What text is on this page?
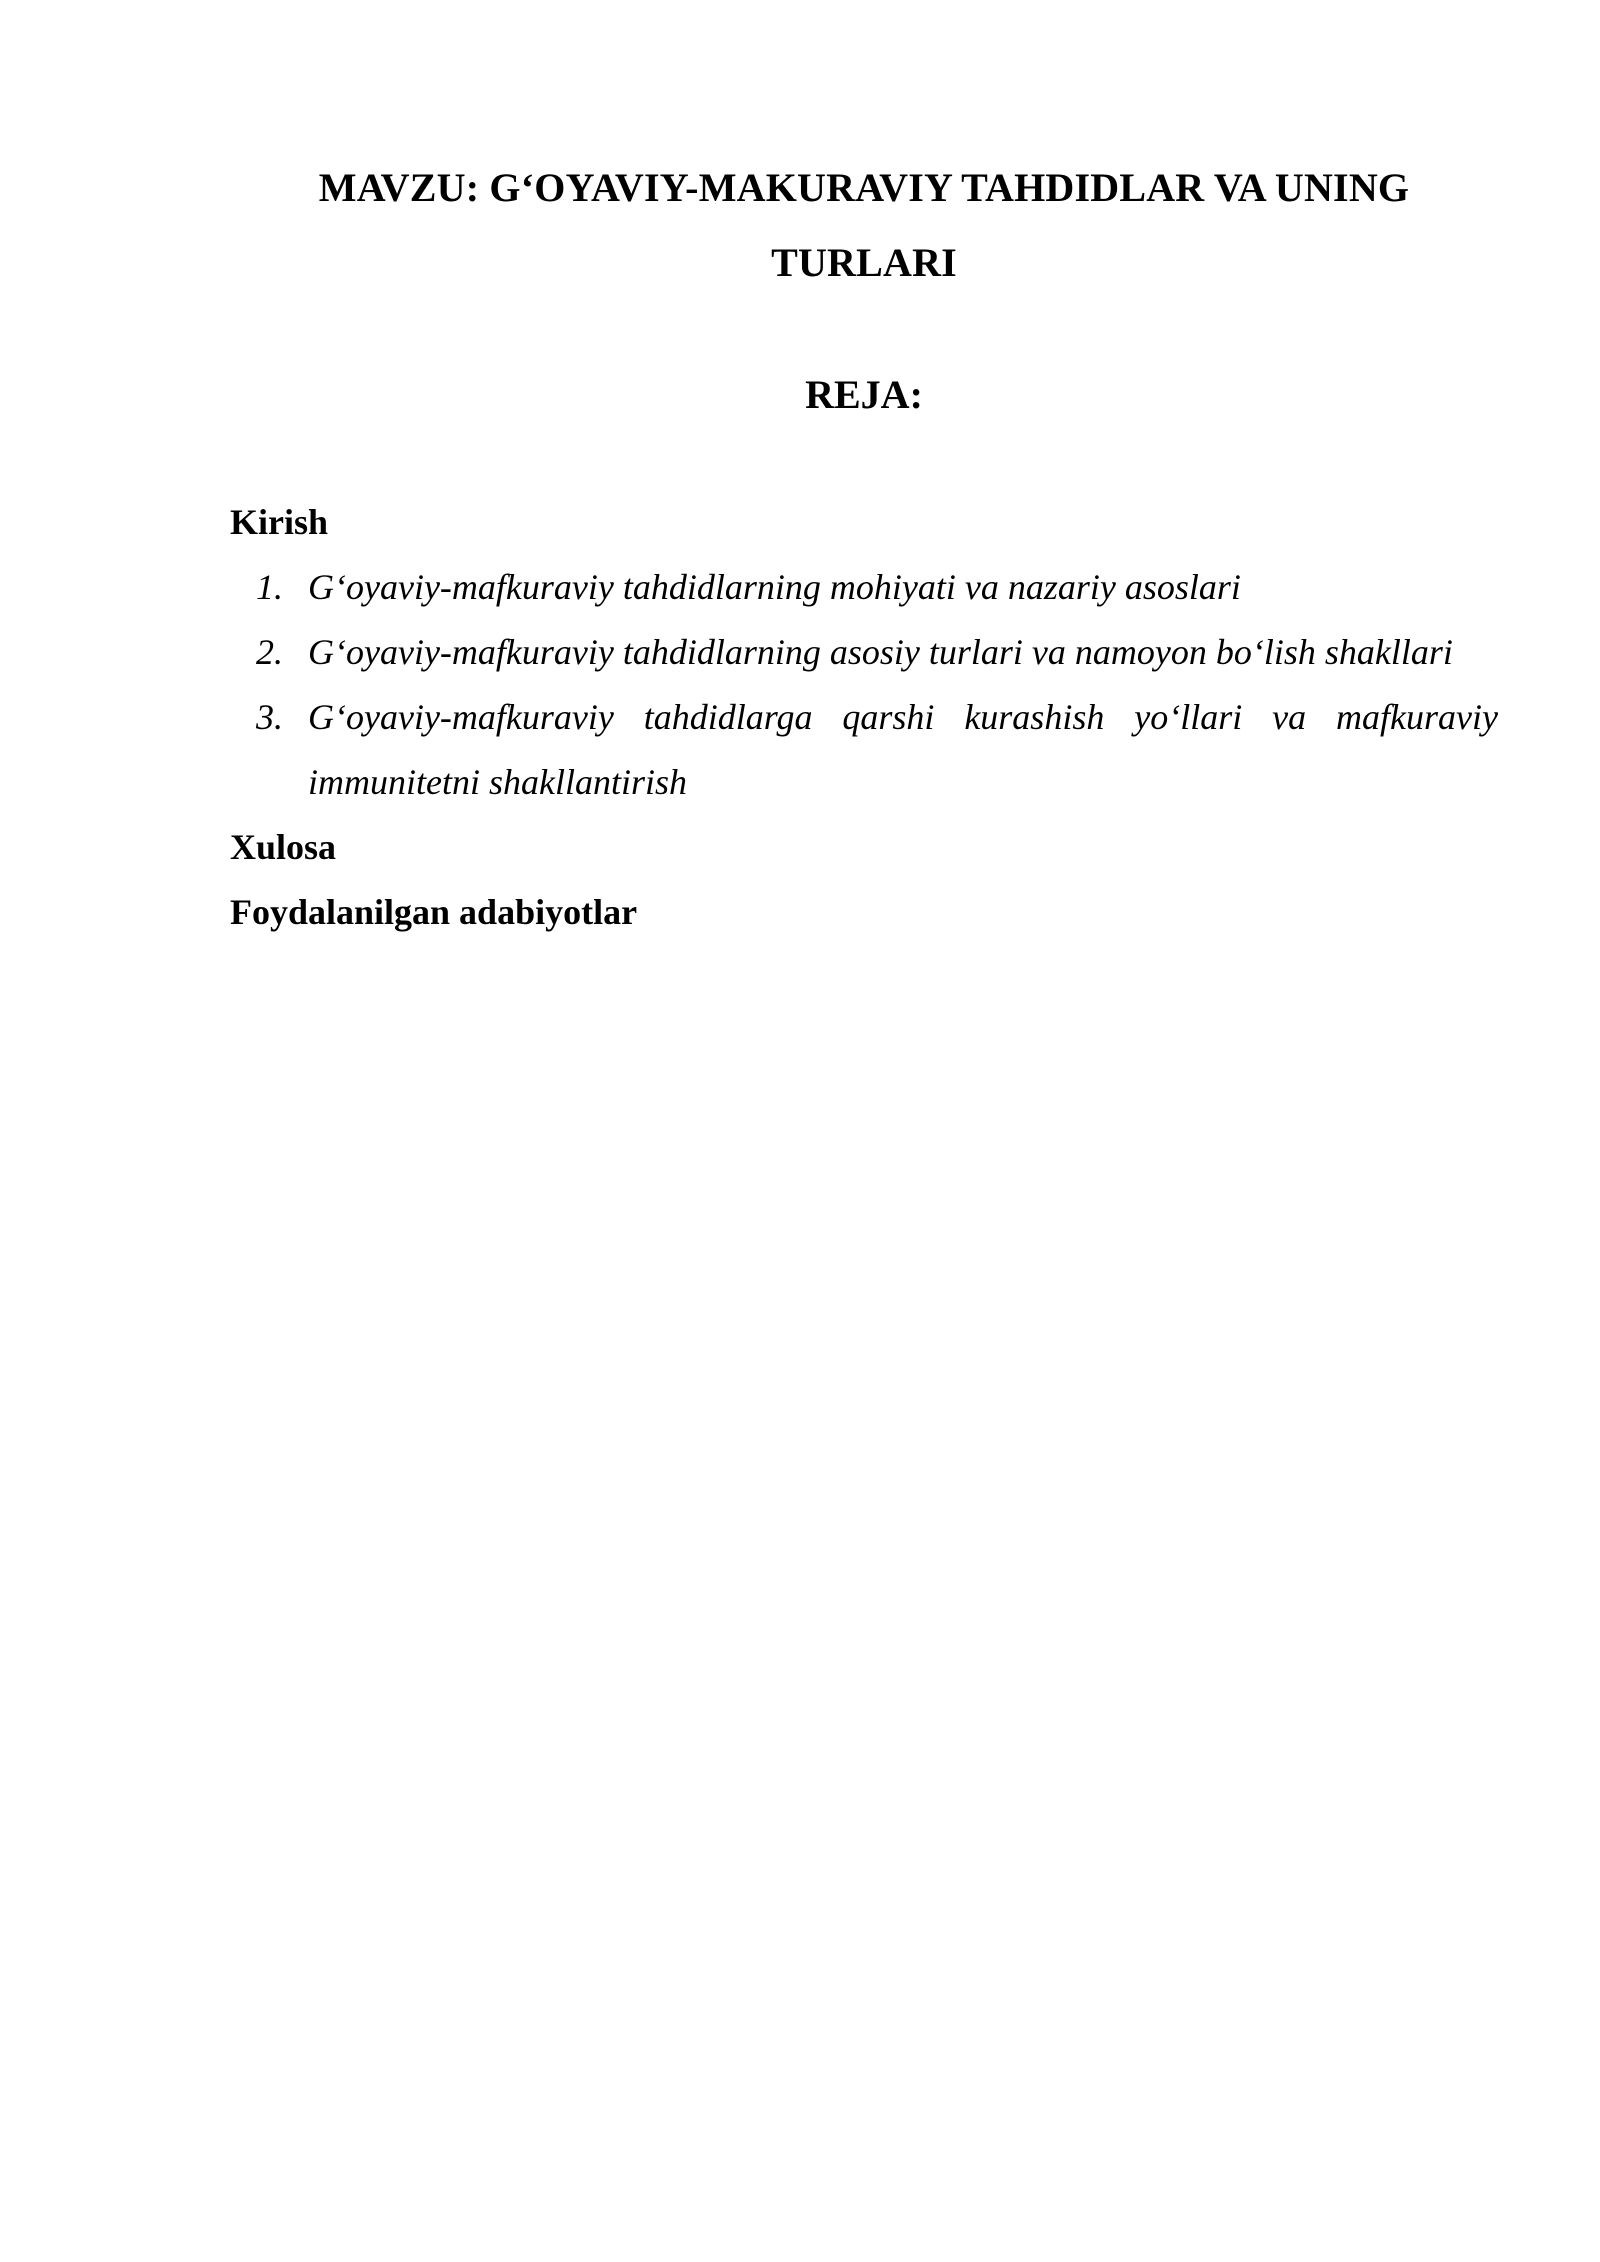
MAVZU: G‘OYAVIY-MAKURAVIY TAHDIDLAR VA UNING TURLARI
REJA:

Kirish

1. G‘oyaviy-mafkuraviy tahdidlarning mohiyati va nazariy asoslari
2. G‘oyaviy-mafkuraviy tahdidlarning asosiy turlari va namoyon bo‘lish shakllari
3. G‘oyaviy-mafkuraviy tahdidlarga qarshi kurashish yo‘llari va mafkuraviy immunitetni shakllantirish

Xulosa

Foydalanilgan adabiyotlar
